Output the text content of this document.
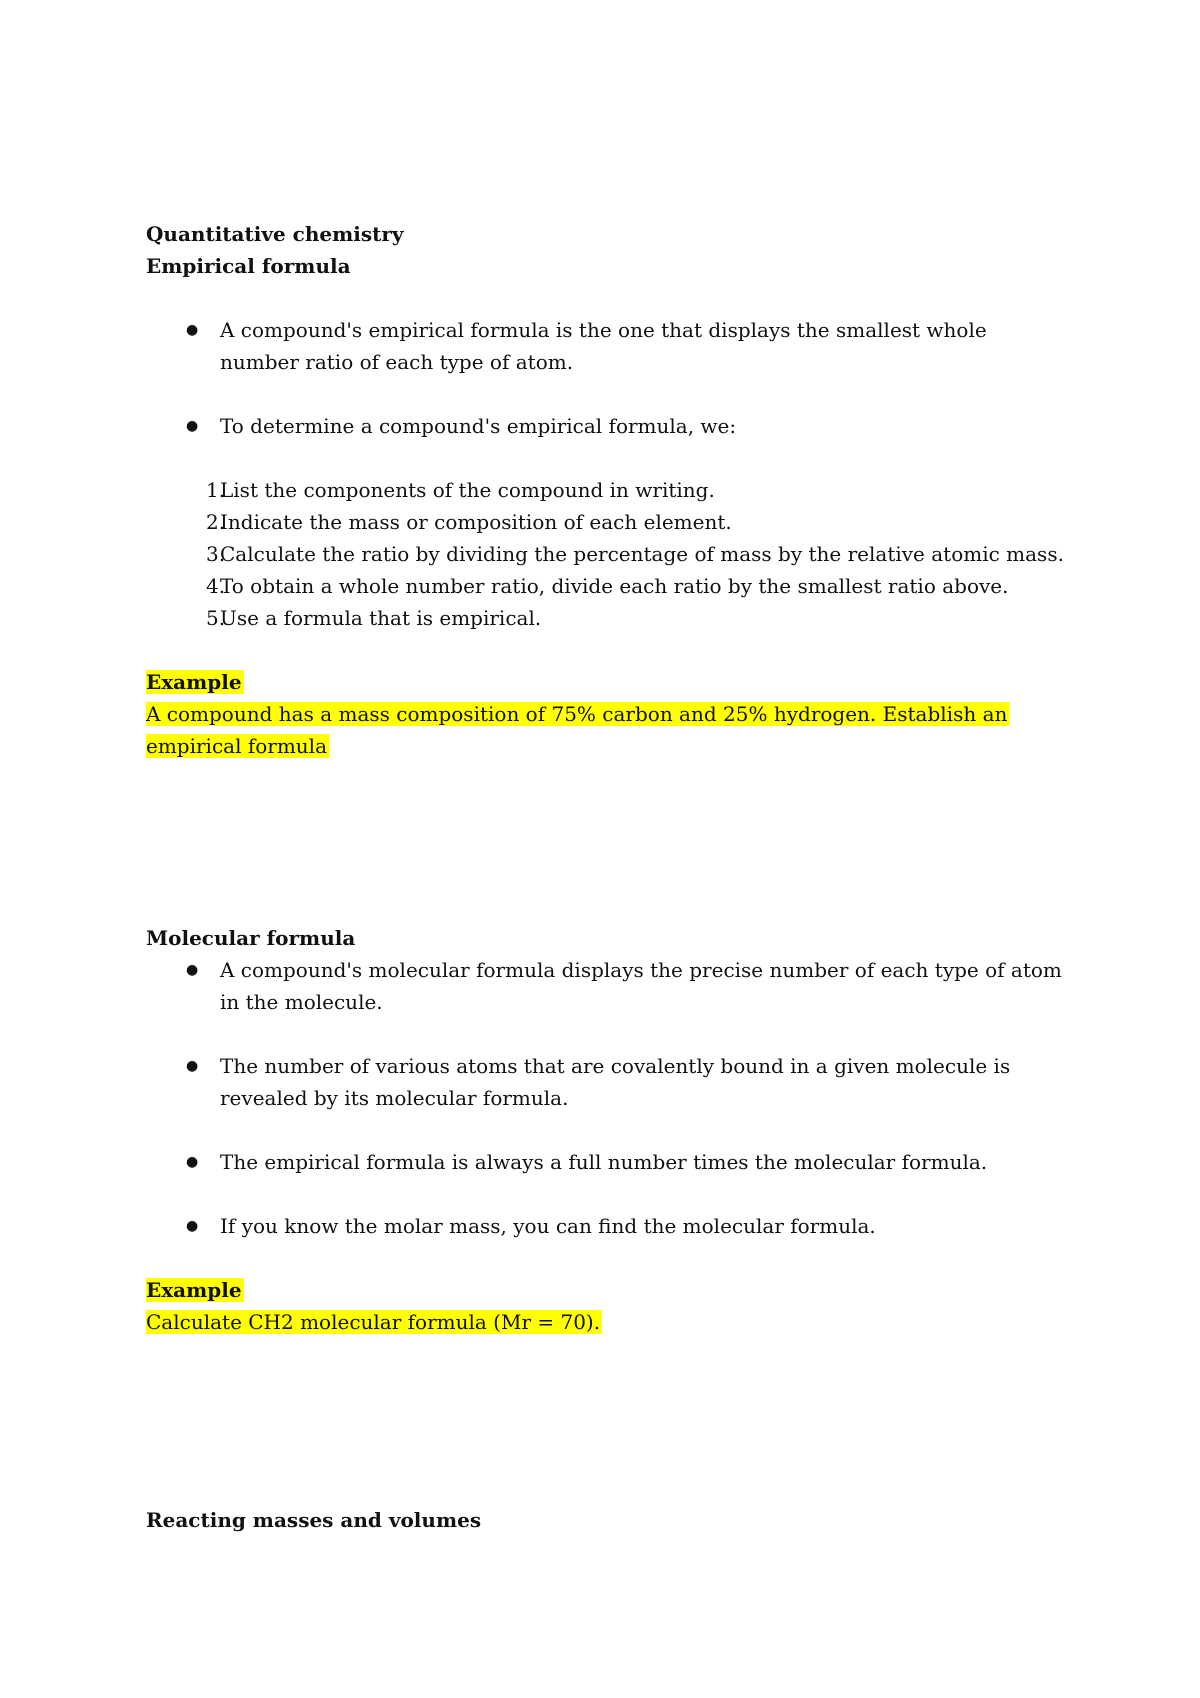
Quantitative chemistry
Empirical formula
● A compound's empirical formula is the one that displays the smallest whole number ratio of each type of atom.
● To determine a compound's empirical formula, we:
1.
List the components of the compound in writing.
2.
Indicate the mass or composition of each element.
3.
Calculate the ratio by dividing the percentage of mass by the relative atomic mass.
4.
To obtain a whole number ratio, divide each ratio by the smallest ratio above.
5.
Use a formula that is empirical.
Example
A compound has a mass composition of 75% carbon and 25% hydrogen. Establish an
empirical formula
Molecular formula
● A compound's molecular formula displays the precise number of each type of atom in the molecule.
● The number of various atoms that are covalently bound in a given molecule is revealed by its molecular formula.
● The empirical formula is always a full number times the molecular formula.
● If you know the molar mass, you can find the molecular formula.
Example
Calculate CH2 molecular formula (Mr = 70).
Reacting masses and volumes
